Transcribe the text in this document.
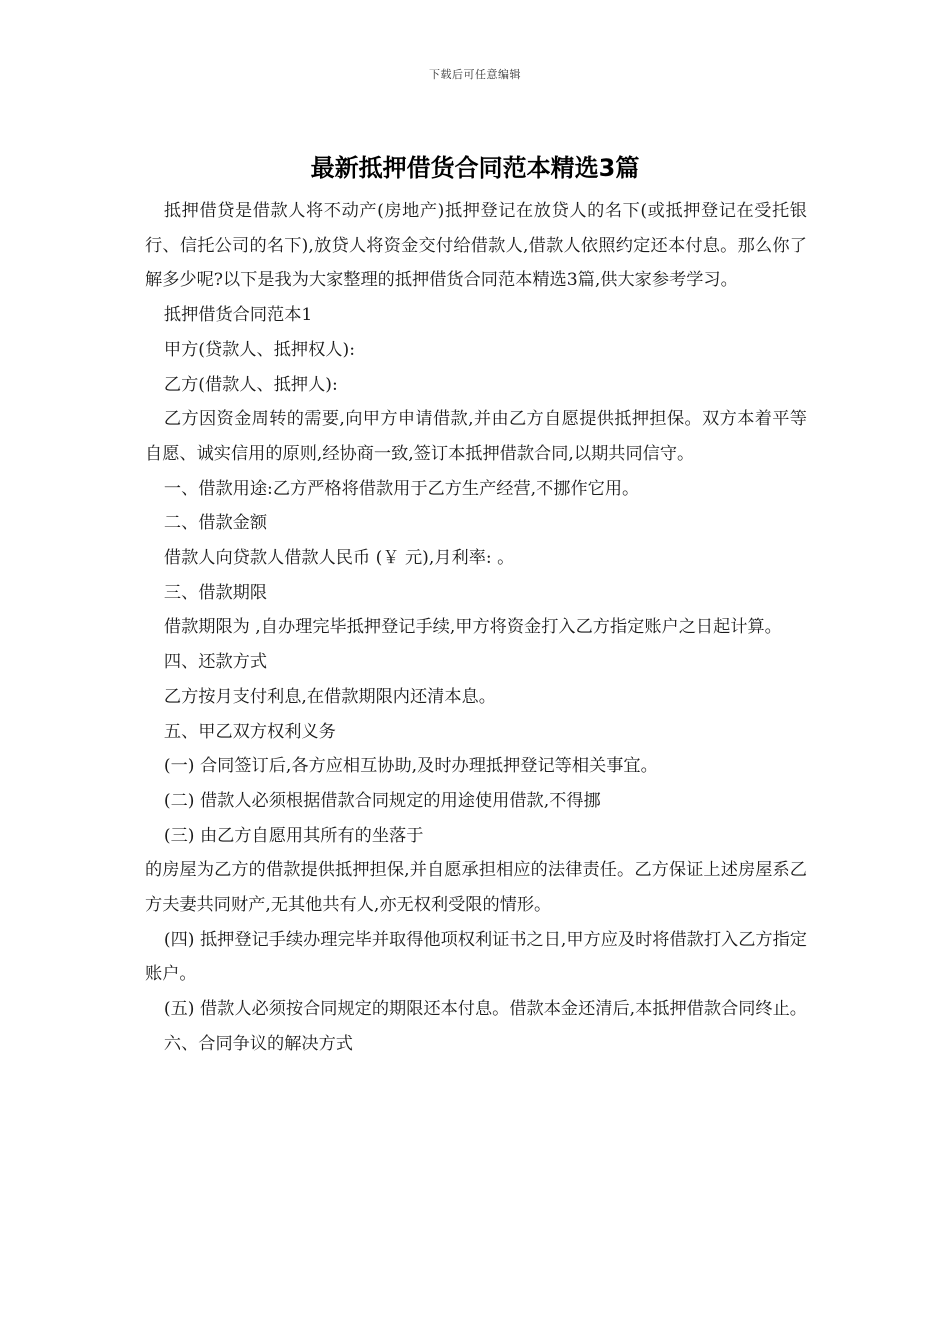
下载后可任意编辑
最新抵押借货合同范本精选3篇

抵押借贷是借款人将不动产(房地产)抵押登记在放贷人的名下(或抵押登记在受托银行、信托公司的名下),放贷人将资金交付给借款人,借款人依照约定还本付息。那么你了解多少呢?以下是我为大家整理的抵押借货合同范本精选3篇,供大家参考学习。

抵押借货合同范本1

甲方(贷款人、抵押权人):

乙方(借款人、抵押人):

乙方因资金周转的需要,向甲方申请借款,并由乙方自愿提供抵押担保。双方本着平等自愿、诚实信用的原则,经协商一致,签订本抵押借款合同,以期共同信守。

一、借款用途:乙方严格将借款用于乙方生产经营,不挪作它用。

二、借款金额

借款人向贷款人借款人民币 (￥ 元),月利率: 。

三、借款期限

借款期限为 ,自办理完毕抵押登记手续,甲方将资金打入乙方指定账户之日起计算。

四、还款方式

乙方按月支付利息,在借款期限内还清本息。

五、甲乙双方权利义务

(一) 合同签订后,各方应相互协助,及时办理抵押登记等相关事宜。

(二) 借款人必须根据借款合同规定的用途使用借款,不得挪

(三) 由乙方自愿用其所有的坐落于

的房屋为乙方的借款提供抵押担保,并自愿承担相应的法律责任。乙方保证上述房屋系乙方夫妻共同财产,无其他共有人,亦无权利受限的情形。

(四) 抵押登记手续办理完毕并取得他项权利证书之日,甲方应及时将借款打入乙方指定账户。

(五) 借款人必须按合同规定的期限还本付息。借款本金还清后,本抵押借款合同终止。

六、合同争议的解决方式
